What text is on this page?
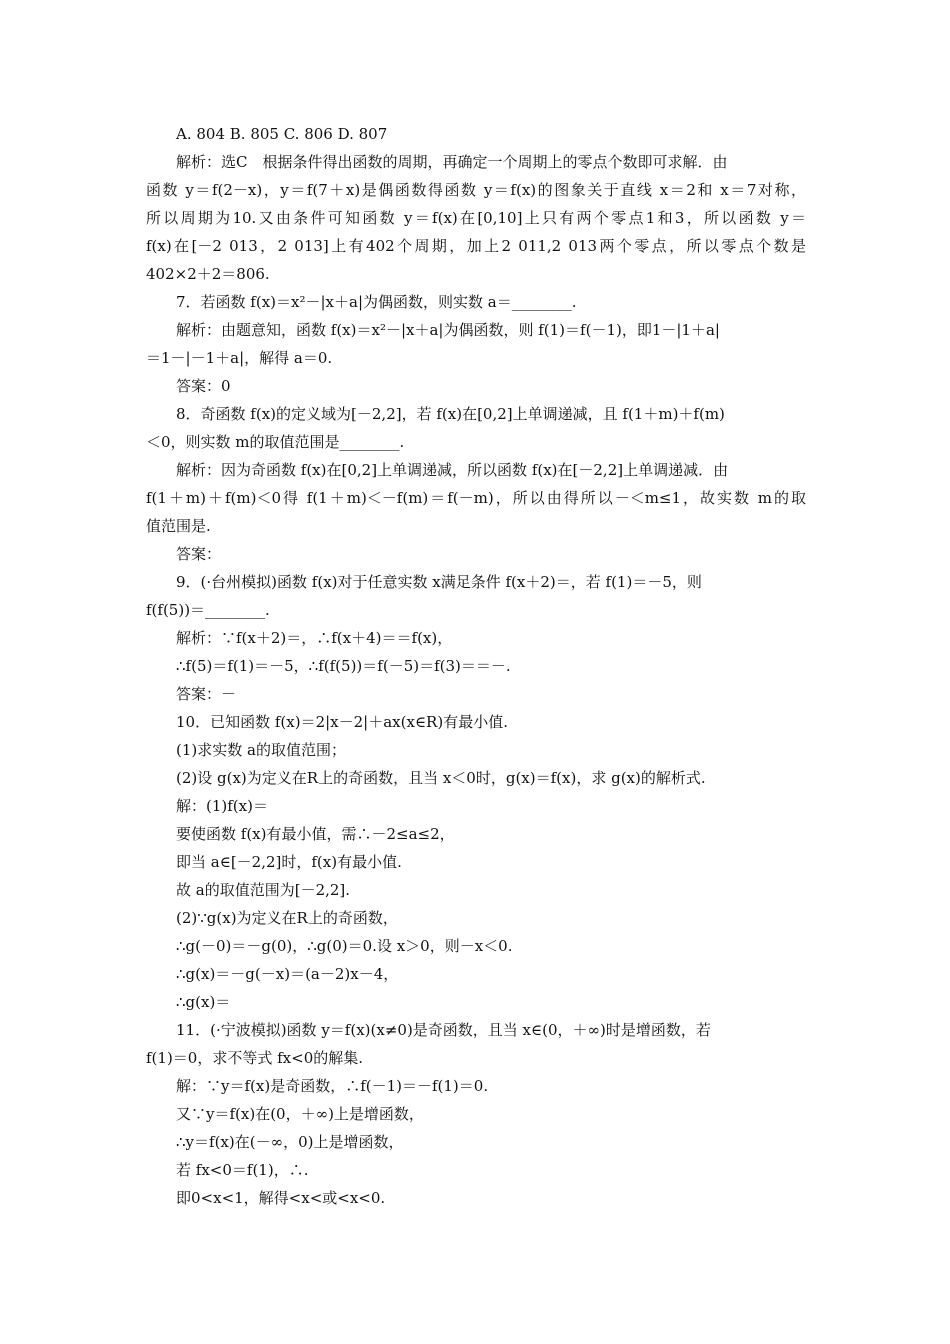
A. 804 B. 805 C. 806 D. 807
解析：选C　根据条件得出函数的周期，再确定一个周期上的零点个数即可求解．由
函数 y＝f(2－x)，y＝f(7＋x)是偶函数得函数 y＝f(x)的图象关于直线 x＝2和 x＝7对称，
所以周期为10.又由条件可知函数 y＝f(x)在[0,10]上只有两个零点1和3，所以函数 y＝
f(x)在[－2 013，2 013]上有402个周期，加上2 011,2 013两个零点，所以零点个数是
402×2＋2＝806.
7．若函数 f(x)＝x²－|x＋a|为偶函数，则实数 a＝________.
解析：由题意知，函数 f(x)＝x²－|x＋a|为偶函数，则 f(1)＝f(－1)，即1－|1＋a|
＝1－|－1＋a|，解得 a＝0.
答案：0
8．奇函数 f(x)的定义域为[－2,2]，若 f(x)在[0,2]上单调递减，且 f(1＋m)＋f(m)
＜0，则实数 m的取值范围是________.
解析：因为奇函数 f(x)在[0,2]上单调递减，所以函数 f(x)在[－2,2]上单调递减．由
f(1＋m)＋f(m)＜0得 f(1＋m)＜－f(m)＝f(－m)，所以由得所以－＜m≤1，故实数 m的取
值范围是.
答案：
9．(·台州模拟)函数 f(x)对于任意实数 x满足条件 f(x＋2)＝，若 f(1)＝－5，则
f(f(5))＝________.
解析：∵f(x＋2)＝，∴f(x＋4)＝＝f(x)，
∴f(5)＝f(1)＝－5，∴f(f(5))＝f(－5)＝f(3)＝＝－.
答案：－
10．已知函数 f(x)＝2|x－2|＋ax(x∈R)有最小值.
(1)求实数 a的取值范围；
(2)设 g(x)为定义在R上的奇函数，且当 x＜0时，g(x)＝f(x)，求 g(x)的解析式.
解：(1)f(x)＝
要使函数 f(x)有最小值，需∴－2≤a≤2，
即当 a∈[－2,2]时，f(x)有最小值.
故 a的取值范围为[－2,2].
(2)∵g(x)为定义在R上的奇函数，
∴g(－0)＝－g(0)，∴g(0)＝0.设 x＞0，则－x＜0.
∴g(x)＝－g(－x)＝(a－2)x－4，
∴g(x)＝
11．(·宁波模拟)函数 y＝f(x)(x≠0)是奇函数，且当 x∈(0，＋∞)时是增函数，若
f(1)＝0，求不等式 fx<0的解集.
解：∵y＝f(x)是奇函数，∴f(－1)＝－f(1)＝0.
又∵y＝f(x)在(0，＋∞)上是增函数，
∴y＝f(x)在(－∞，0)上是增函数，
若 fx<0＝f(1)，∴.
即0<x<1，解得<x<或<x<0.
